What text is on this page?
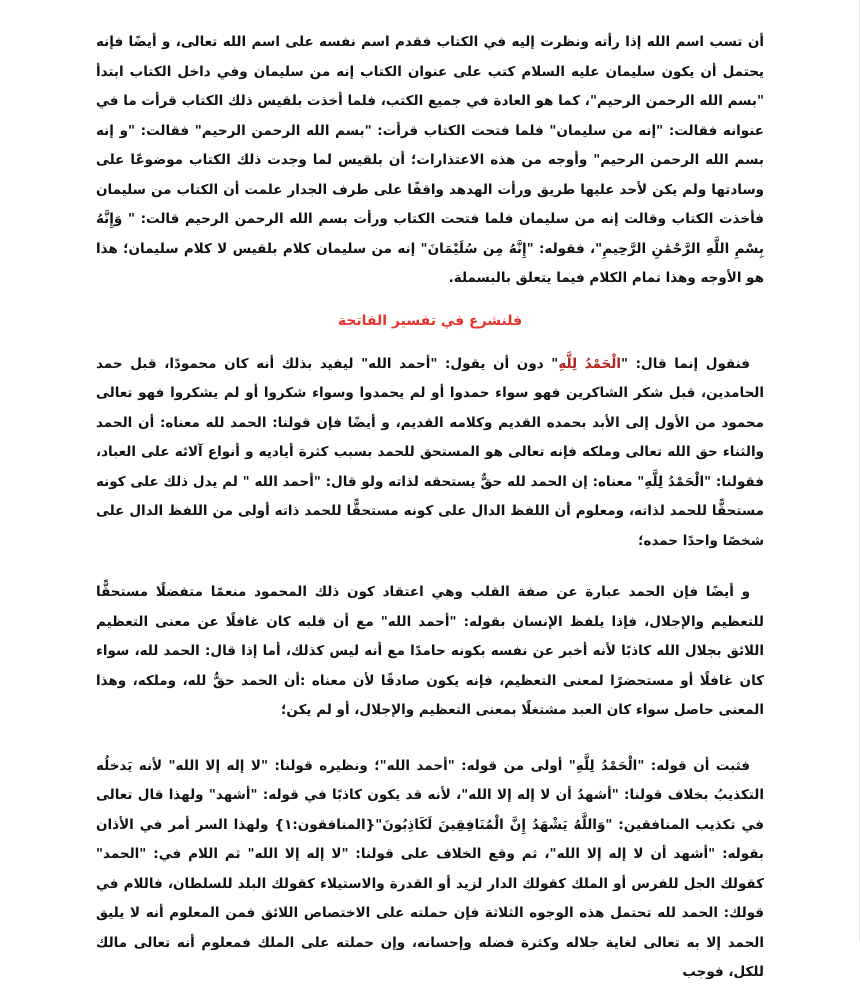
أن تسب اسم الله إذا رأته ونظرت إليه في الكتاب فقدم اسم نفسه على اسم الله تعالى، و أيضًا فإنه يحتمل أن يكون سليمان عليه السلام كتب على عنوان الكتاب إنه من سليمان وفي داخل الكتاب ابتدأ "بسم الله الرحمن الرحيم"، كما هو العادة في جميع الكتب، فلما أخذت بلقيس ذلك الكتاب قرأت ما في عنوانه فقالت: "إنه من سليمان" فلما فتحت الكتاب قرأت: "بسم الله الرحمن الرحيم" فقالت: "و إنه بسم الله الرحمن الرحيم" وأوجه من هذه الاعتذارات؛ أن بلقيس لما وجدت ذلك الكتاب موضوعًا على وسادتها ولم يكن لأحد عليها طريق ورأت الهدهد واقفًا على طرف الجدار علمت أن الكتاب من سليمان فأخذت الكتاب وقالت إنه من سليمان فلما فتحت الكتاب ورأت بسم الله الرحمن الرحيم قالت: " وَإِنَّهُ بِسْمِ اللَّهِ الرَّحْمَٰنِ الرَّحِيمِ"، فقوله: "إِنَّهُ مِن سُلَيْمَانَ" إنه من سليمان كلام بلقيس لا كلام سليمان؛ هذا هو الأوجه وهذا تمام الكلام فيما يتعلق بالبسملة.

فلنشرع في تفسير الفاتحة

فنقول إنما قال: "الْحَمْدُ لِلَّهِ" دون أن يقول: "أحمد الله" ليفيد بذلك أنه كان محمودًا، قبل حمد الحامدين، قبل شكر الشاكرين فهو سواء حمدوا أو لم يحمدوا وسواء شكروا أو لم يشكروا فهو تعالى محمود من الأول إلى الأبد بحمده القديم وكلامه القديم، و أيضًا فإن قولنا: الحمد لله معناه: أن الحمد والثناء حق الله تعالى وملكه فإنه تعالى هو المستحق للحمد بسبب كثرة أياديه و أنواع آلائه على العباد، فقولنا: "الْحَمْدُ لِلَّهِ" معناه: إن الحمد لله حقٌّ يستحقه لذاته ولو قال: "أحمد الله " لم يدل ذلك على كونه مستحقًّا للحمد لذاته، ومعلوم أن اللفظ الدال على كونه مستحقًّا للحمد ذاته أولى من اللفظ الدال على شخصًا واحدًا حمده؛

و أيضًا فإن الحمد عبارة عن صفة القلب وهي اعتقاد كون ذلك المحمود منعمًا متفضلًا مستحقًّا للتعظيم والإجلال، فإذا يلفظ الإنسان بقوله: "أحمد الله" مع أن قلبه كان غافلًا عن معنى التعظيم اللائق بجلال الله كاذبًا لأنه أخبر عن نفسه بكونه حامدًا مع أنه ليس كذلك، أما إذا قال: الحمد لله، سواء كان غافلًا أو مستحضرًا لمعنى التعظيم، فإنه يكون صادقًا لأن معناه :أن الحمد حقٌّ لله، وملكه، وهذا المعنى حاصل سواء كان العبد مشتغلًا بمعنى التعظيم والإجلال، أو لم يكن؛

فثبت أن قوله: "الْحَمْدُ لِلَّهِ" أولى من قوله: "أحمد الله"؛ ونظيره قولنا: "لا إله إلا الله" لأنه يَدخلُه التكذيبُ بخلاف قولنا: "أشهدُ أن لا إله إلا الله"، لأنه قد يكون كاذبًا في قوله: "أشهد" ولهذا قال تعالى في تكذيب المنافقين: "وَاللَّهُ يَشْهَدُ إِنَّ الْمُنَافِقِينَ لَكَاذِبُونَ"{المنافقون:١} ولهذا السر أمر في الأذان بقوله: "أشهد أن لا إله إلا الله"، ثم وقع الخلاف على قولنا: "لا إله إلا الله" ثم اللام في: "الحمد" كقولك الجل للفرس أو الملك كقولك الدار لزيد أو القدرة والاستيلاء كقولك البلد للسلطان، فاللام في قولك: الحمد لله تحتمل هذه الوجوه الثلاثة فإن حملته على الاختصاص اللائق فمن المعلوم أنه لا يليق الحمد إلا به تعالى لغاية جلاله وكثرة فضله وإحسانه، وإن حملته على الملك فمعلوم أنه تعالى مالك للكل، فوجب
